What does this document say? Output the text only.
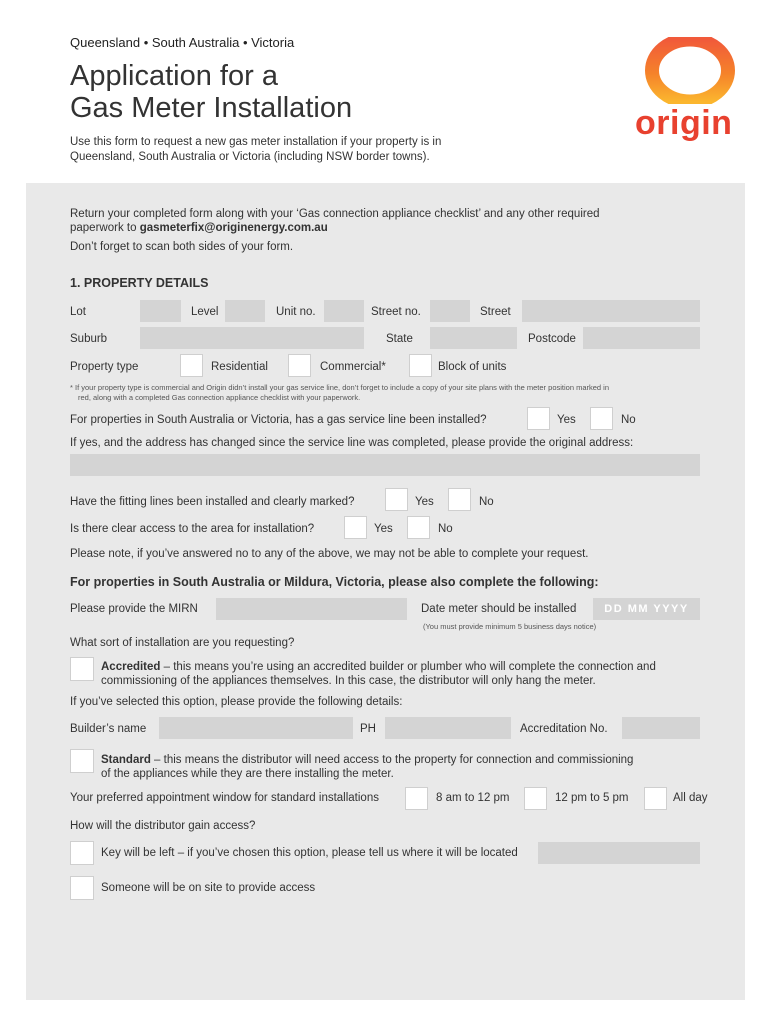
Queensland • South Australia • Victoria
Application for a
Gas Meter Installation
Use this form to request a new gas meter installation if your property is in Queensland, South Australia or Victoria (including NSW border towns).
origin
Return your completed form along with your ‘Gas connection appliance checklist’ and any other required
paperwork to gasmeterfix@originenergy.com.au
Don’t forget to scan both sides of your form.
1. PROPERTY DETAILS
Lot	Level	Unit no.	Street no.	Street
Suburb	State	Postcode
Property type	Residential	Commercial*	Block of units
* If your property type is commercial and Origin didn’t install your gas service line, don’t forget to include a copy of your site plans with the meter position marked in
red, along with a completed Gas connection appliance checklist with your paperwork.
For properties in South Australia or Victoria, has a gas service line been installed?	Yes	No
If yes, and the address has changed since the service line was completed, please provide the original address:
Have the fitting lines been installed and clearly marked?	Yes	No
Is there clear access to the area for installation?	Yes	No
Please note, if you’ve answered no to any of the above, we may not be able to complete your request.
For properties in South Australia or Mildura, Victoria, please also complete the following:
Please provide the MIRN	Date meter should be installed	DD MM YYYY
(You must provide minimum 5 business days notice)
What sort of installation are you requesting?
Accredited – this means you’re using an accredited builder or plumber who will complete the connection and
commissioning of the appliances themselves. In this case, the distributor will only hang the meter.
If you’ve selected this option, please provide the following details:
Builder’s name	PH	Accreditation No.
Standard – this means the distributor will need access to the property for connection and commissioning
of the appliances while they are there installing the meter.
Your preferred appointment window for standard installations	8 am to 12 pm	12 pm to 5 pm	All day
How will the distributor gain access?
Key will be left – if you’ve chosen this option, please tell us where it will be located
Someone will be on site to provide access
